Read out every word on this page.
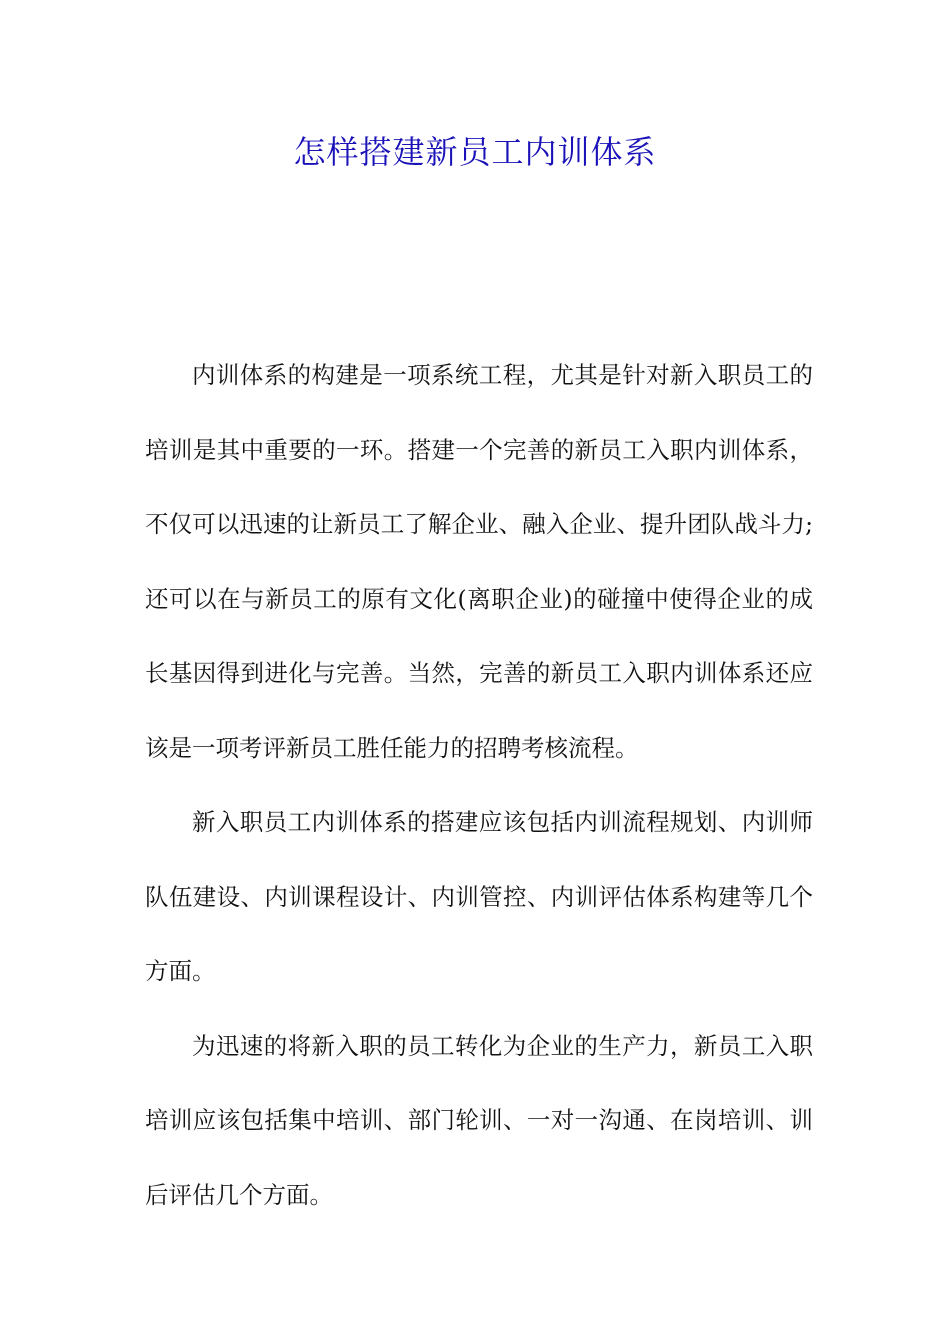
怎样搭建新员工内训体系

内训体系的构建是一项系统工程，尤其是针对新入职员工的培训是其中重要的一环。搭建一个完善的新员工入职内训体系，不仅可以迅速的让新员工了解企业、融入企业、提升团队战斗力;还可以在与新员工的原有文化(离职企业)的碰撞中使得企业的成长基因得到进化与完善。当然，完善的新员工入职内训体系还应该是一项考评新员工胜任能力的招聘考核流程。

新入职员工内训体系的搭建应该包括内训流程规划、内训师队伍建设、内训课程设计、内训管控、内训评估体系构建等几个方面。

为迅速的将新入职的员工转化为企业的生产力，新员工入职培训应该包括集中培训、部门轮训、一对一沟通、在岗培训、训后评估几个方面。
